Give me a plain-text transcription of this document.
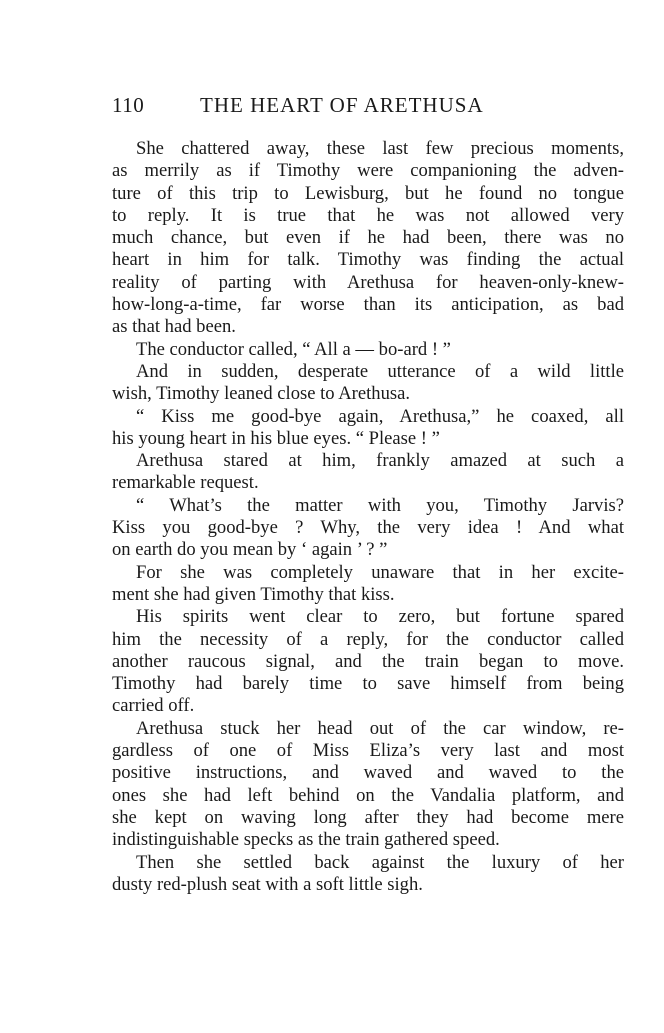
110	THE HEART OF ARETHUSA
She chattered away, these last few precious moments,
as merrily as if Timothy were companioning the adven-
ture of this trip to Lewisburg, but he found no tongue
to reply. It is true that he was not allowed very
much chance, but even if he had been, there was no
heart in him for talk. Timothy was finding the actual
reality of parting with Arethusa for heaven-only-knew-
how-long-a-time, far worse than its anticipation, as bad
as that had been.
The conductor called, “ All a — bo-ard ! ”
And in sudden, desperate utterance of a wild little
wish, Timothy leaned close to Arethusa.
“ Kiss me good-bye again, Arethusa,” he coaxed, all
his young heart in his blue eyes. “ Please ! ”
Arethusa stared at him, frankly amazed at such a
remarkable request.
“ What’s the matter with you, Timothy Jarvis?
Kiss you good-bye ? Why, the very idea ! And what
on earth do you mean by ‘ again ’ ? ”
For she was completely unaware that in her excite-
ment she had given Timothy that kiss.
His spirits went clear to zero, but fortune spared
him the necessity of a reply, for the conductor called
another raucous signal, and the train began to move.
Timothy had barely time to save himself from being
carried off.
Arethusa stuck her head out of the car window, re-
gardless of one of Miss Eliza’s very last and most
positive instructions, and waved and waved to the
ones she had left behind on the Vandalia platform, and
she kept on waving long after they had become mere
indistinguishable specks as the train gathered speed.
Then she settled back against the luxury of her
dusty red-plush seat with a soft little sigh.
